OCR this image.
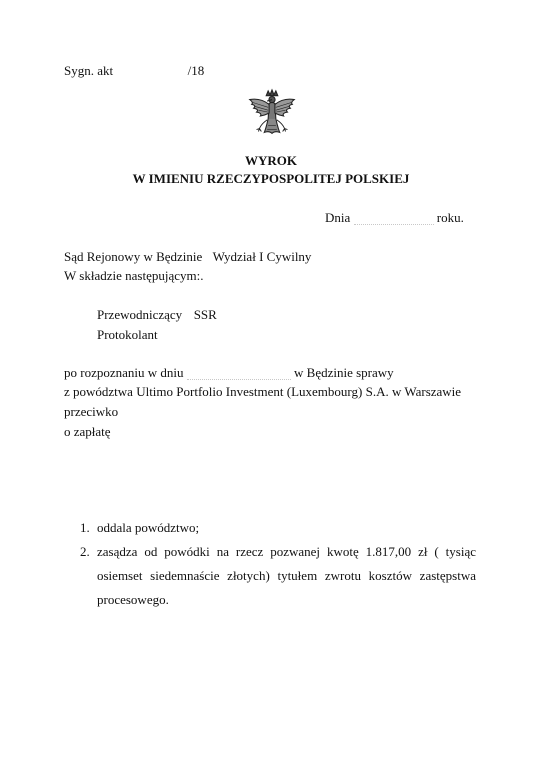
Sygn. akt	/18
WYROK
W IMIENIU RZECZYPOSPOLITEJ POLSKIEJ
Dnia	roku.
Sąd Rejonowy w Będzinie Wydział I Cywilny
W składzie następującym:.
Przewodniczący SSR
Protokolant
po rozpoznaniu w dniu	w Będzinie sprawy
z powództwa Ultimo Portfolio Investment (Luxembourg) S.A. w Warszawie
przeciwko
o zapłatę
1. oddala powództwo;
2. zasądza od powódki na rzecz pozwanej kwotę 1.817,00 zł ( tysiąc osiemset siedemnaście złotych) tytułem zwrotu kosztów zastępstwa procesowego.
